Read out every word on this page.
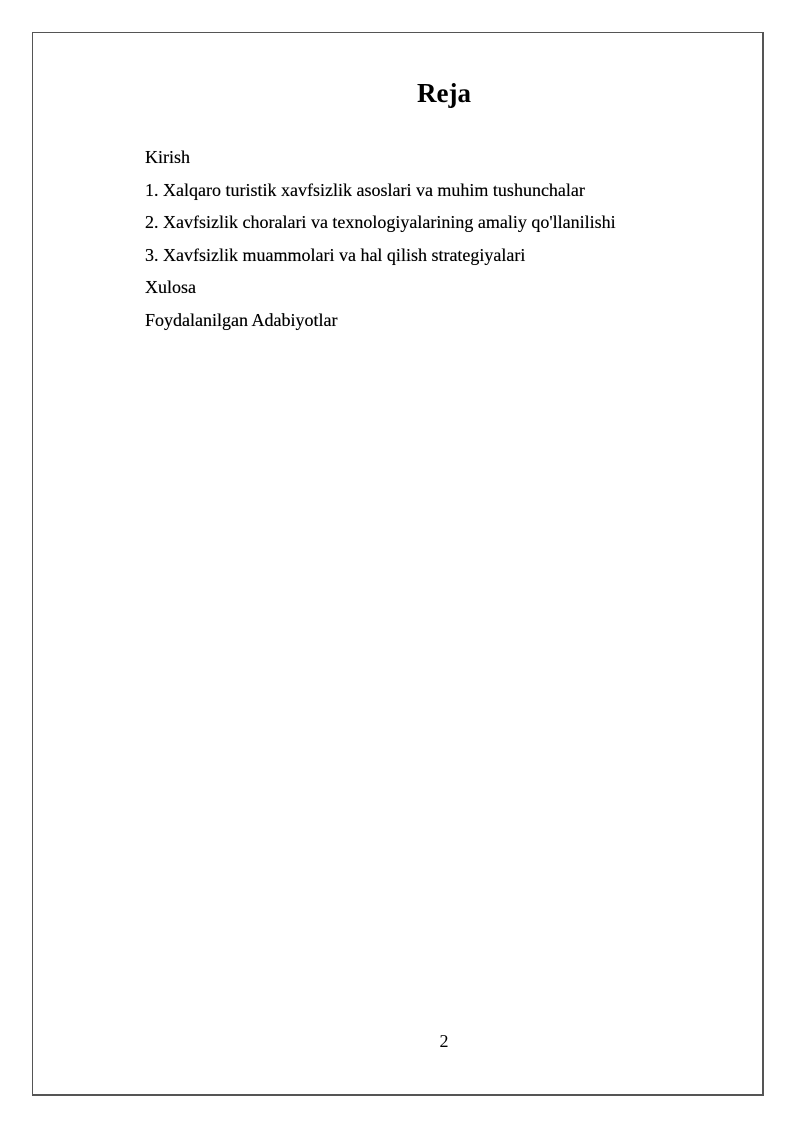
Reja
Kirish
1. Xalqaro turistik xavfsizlik asoslari va muhim tushunchalar
2. Xavfsizlik choralari va texnologiyalarining amaliy qo'llanilishi
3. Xavfsizlik muammolari va hal qilish strategiyalari
Xulosa
Foydalanilgan Adabiyotlar
2
